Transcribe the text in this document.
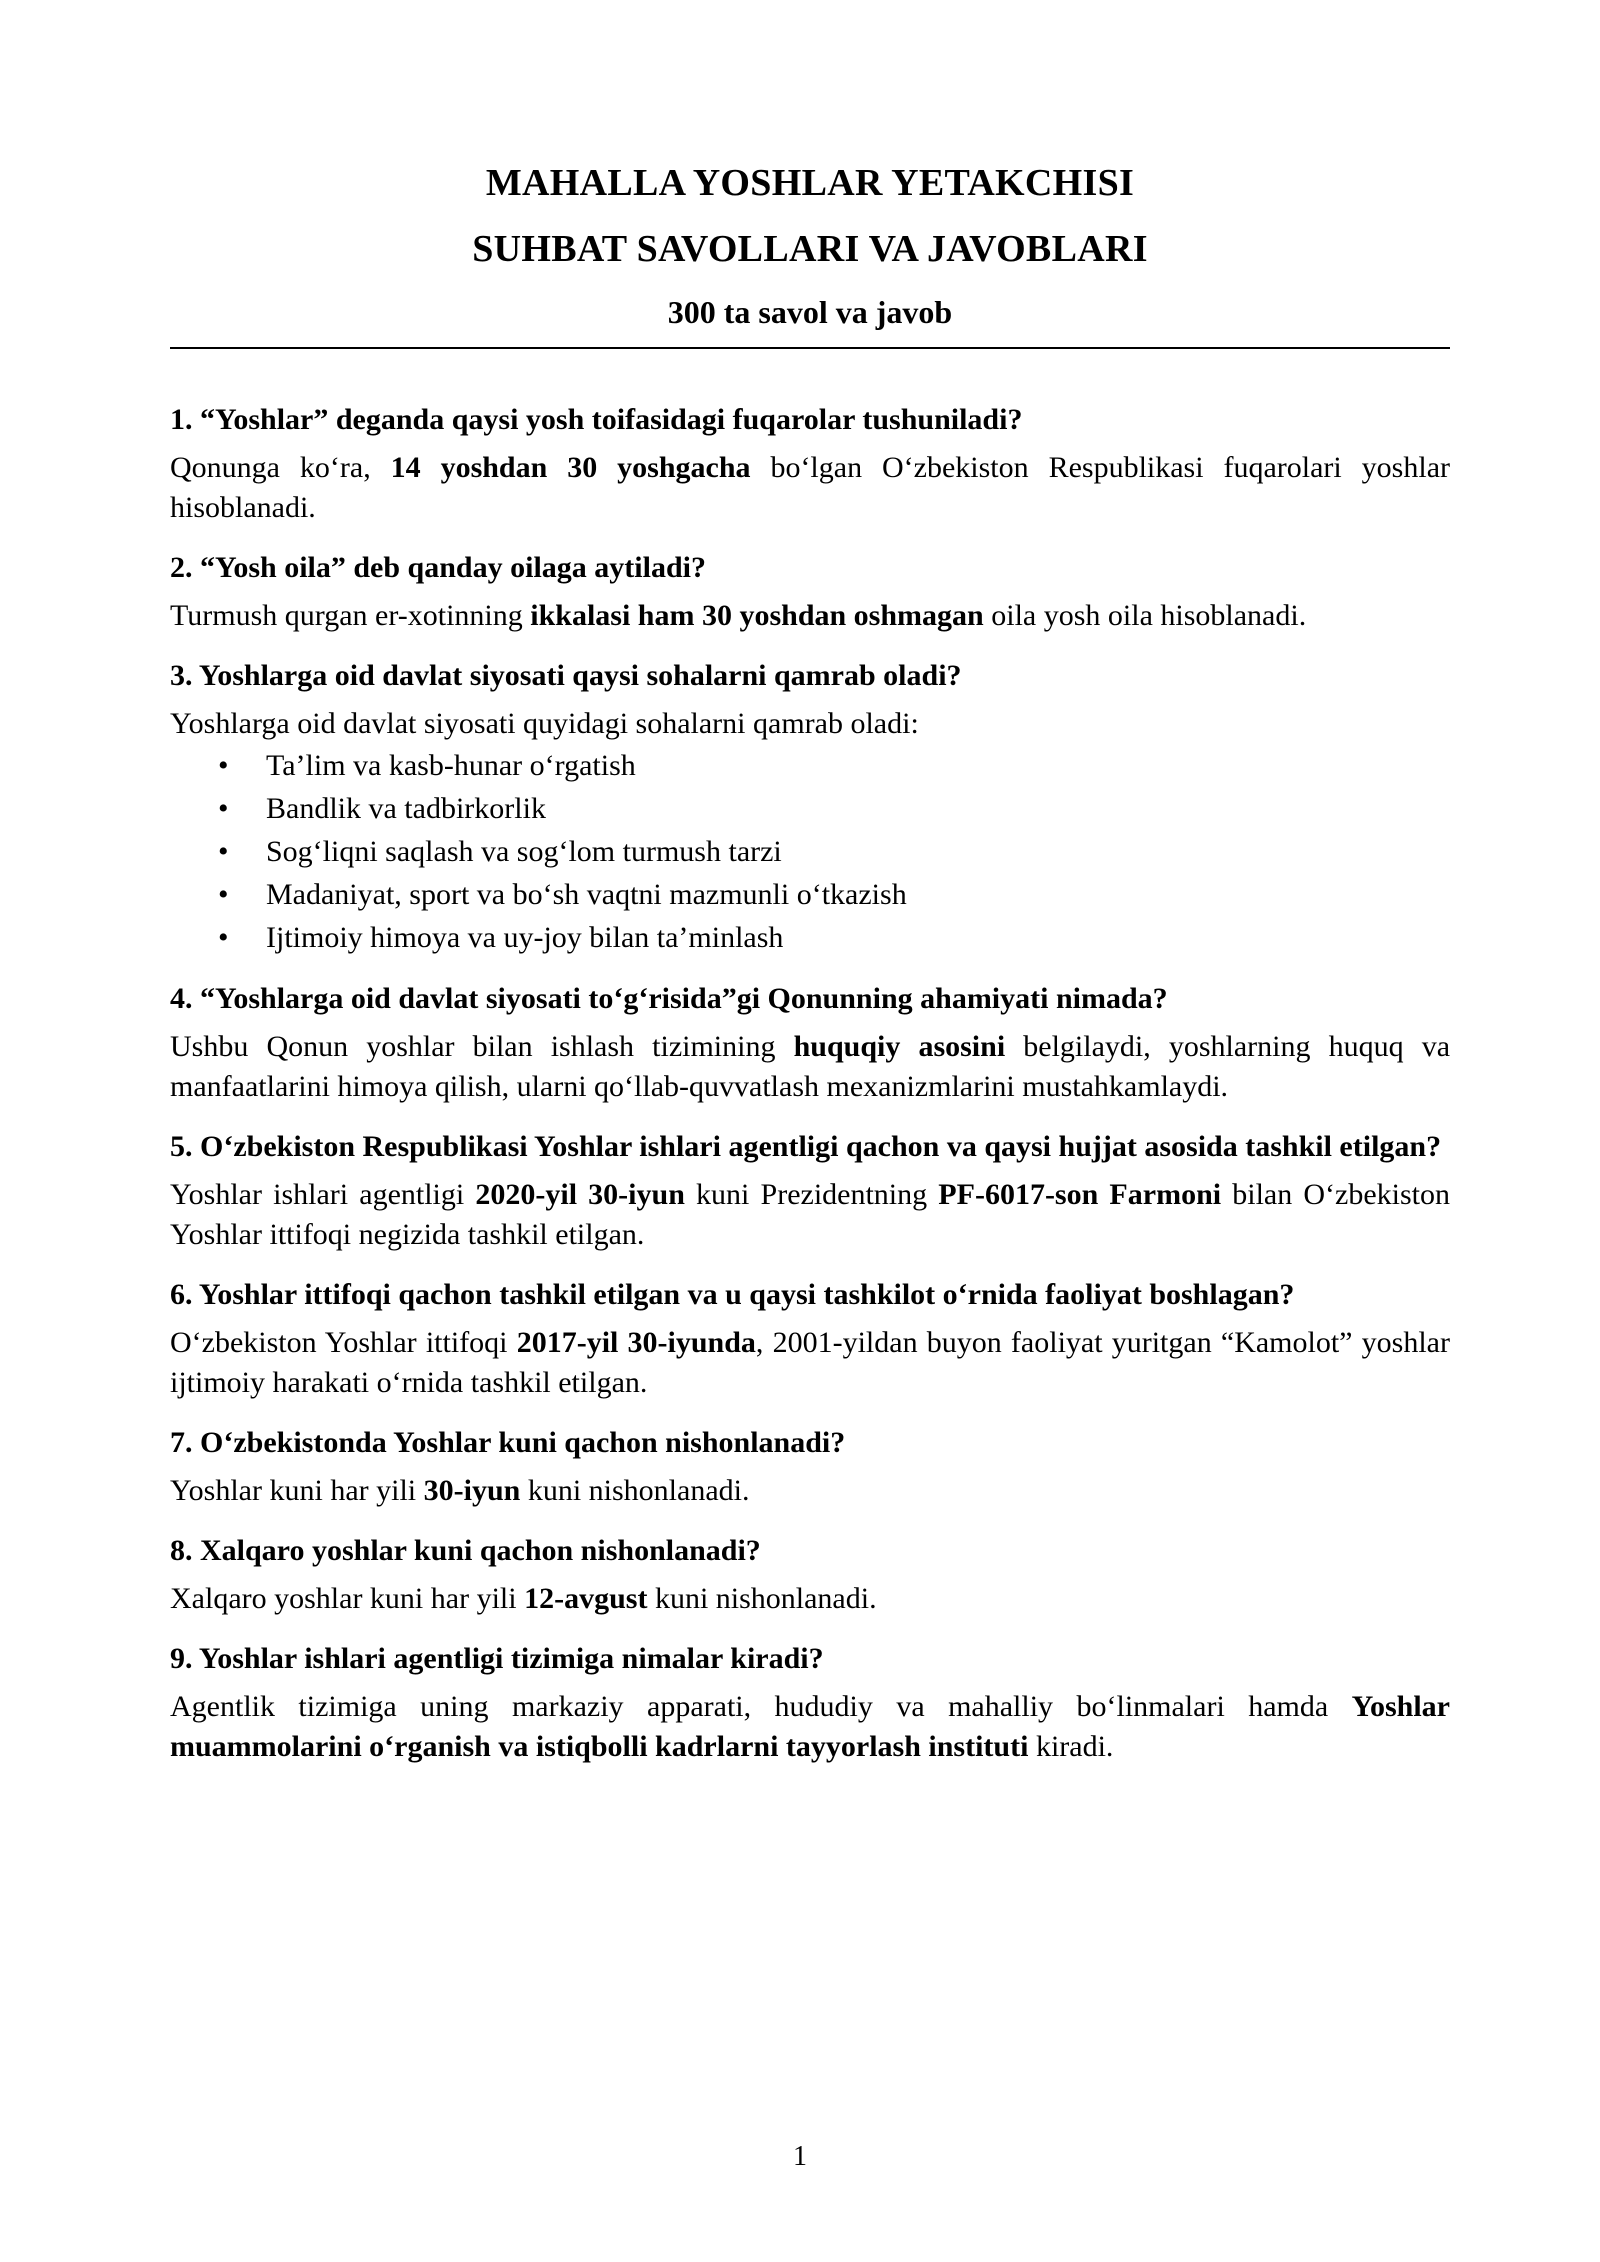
MAHALLA YOSHLAR YETAKCHISI
SUHBAT SAVOLLARI VA JAVOBLARI
300 ta savol va javob

1. “Yoshlar” deganda qaysi yosh toifasidagi fuqarolar tushuniladi?

Qonunga ko‘ra, 14 yoshdan 30 yoshgacha bo‘lgan O‘zbekiston Respublikasi fuqarolari yoshlar hisoblanadi.

2. “Yosh oila” deb qanday oilaga aytiladi?

Turmush qurgan er-xotinning ikkalasi ham 30 yoshdan oshmagan oila yosh oila hisoblanadi.

3. Yoshlarga oid davlat siyosati qaysi sohalarni qamrab oladi?

Yoshlarga oid davlat siyosati quyidagi sohalarni qamrab oladi:

• Ta’lim va kasb-hunar o‘rgatish
• Bandlik va tadbirkorlik
• Sog‘liqni saqlash va sog‘lom turmush tarzi
• Madaniyat, sport va bo‘sh vaqtni mazmunli o‘tkazish
• Ijtimoiy himoya va uy-joy bilan ta’minlash

4. “Yoshlarga oid davlat siyosati to‘g‘risida”gi Qonunning ahamiyati nimada?

Ushbu Qonun yoshlar bilan ishlash tizimining huquqiy asosini belgilaydi, yoshlarning huquq va manfaatlarini himoya qilish, ularni qo‘llab-quvvatlash mexanizmlarini mustahkamlaydi.

5. O‘zbekiston Respublikasi Yoshlar ishlari agentligi qachon va qaysi hujjat asosida tashkil etilgan?

Yoshlar ishlari agentligi 2020-yil 30-iyun kuni Prezidentning PF-6017-son Farmoni bilan O‘zbekiston Yoshlar ittifoqi negizida tashkil etilgan.

6. Yoshlar ittifoqi qachon tashkil etilgan va u qaysi tashkilot o‘rnida faoliyat boshlagan?

O‘zbekiston Yoshlar ittifoqi 2017-yil 30-iyunda, 2001-yildan buyon faoliyat yuritgan “Kamolot” yoshlar ijtimoiy harakati o‘rnida tashkil etilgan.

7. O‘zbekistonda Yoshlar kuni qachon nishonlanadi?

Yoshlar kuni har yili 30-iyun kuni nishonlanadi.

8. Xalqaro yoshlar kuni qachon nishonlanadi?

Xalqaro yoshlar kuni har yili 12-avgust kuni nishonlanadi.

9. Yoshlar ishlari agentligi tizimiga nimalar kiradi?

Agentlik tizimiga uning markaziy apparati, hududiy va mahalliy bo‘linmalari hamda Yoshlar muammolarini o‘rganish va istiqbolli kadrlarni tayyorlash instituti kiradi.

1
